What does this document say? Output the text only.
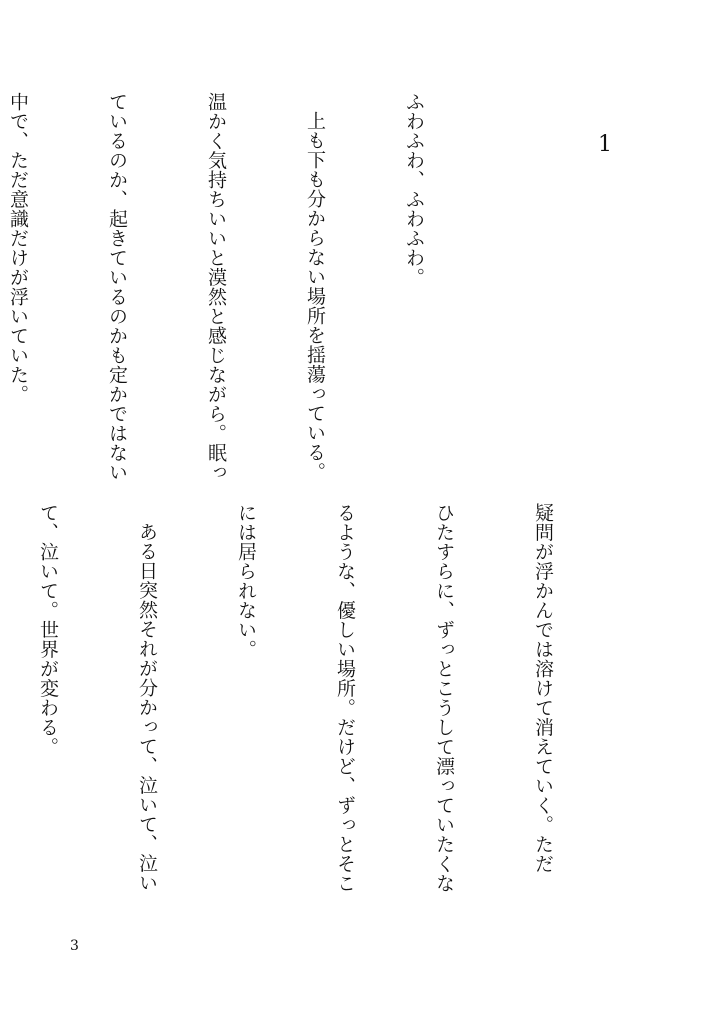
1

ふわふわ、ふわふわ。

上も下も分からない場所を揺蕩っている。

温かく気持ちいいと漠然と感じながら。眠っ

ているのか、起きているのかも定かではない

中で、ただ意識だけが浮いていた。

疑問が浮かんでは溶けて消えていく。ただ

ひたすらに、ずっとこうして漂っていたくな

るような、優しい場所。だけど、ずっとそこ

には居られない。

ある日突然それが分かって、泣いて、泣い

て、泣いて。世界が変わる。

3
